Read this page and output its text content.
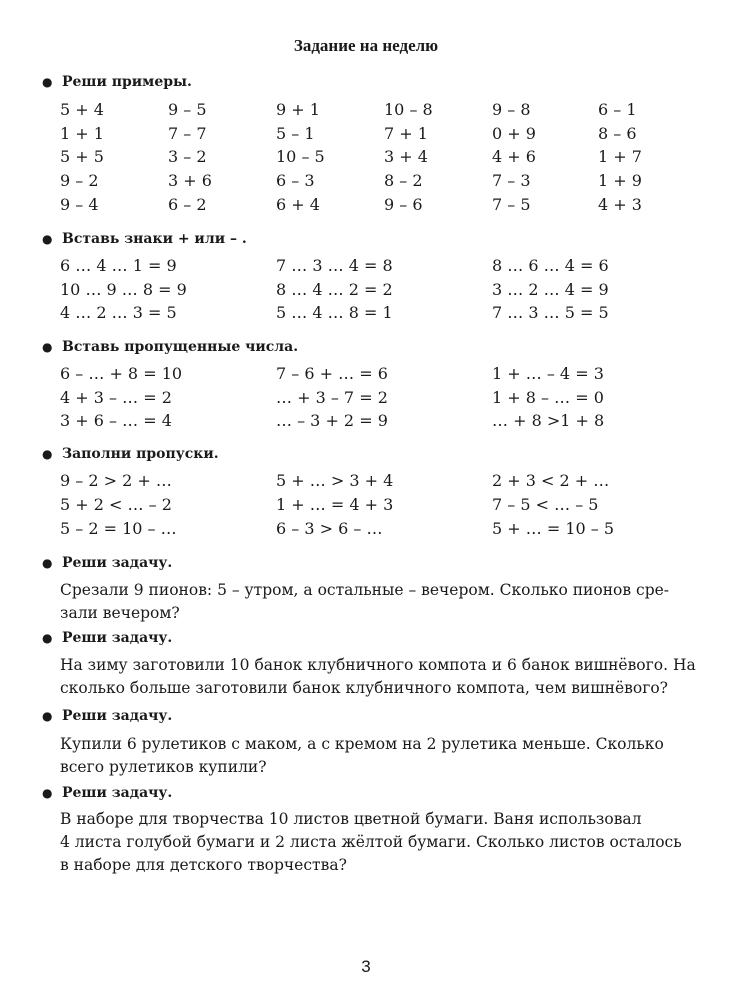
Задание на неделю
● Реши примеры.
5 + 4	9 – 5	9 + 1	10 – 8	9 – 8	6 – 1
1 + 1	7 – 7	5 – 1	7 + 1	0 + 9	8 – 6
5 + 5	3 – 2	10 – 5	3 + 4	4 + 6	1 + 7
9 – 2	3 + 6	6 – 3	8 – 2	7 – 3	1 + 9
9 – 4	6 – 2	6 + 4	9 – 6	7 – 5	4 + 3
● Вставь знаки + или – .
6 … 4 … 1 = 9	7 … 3 … 4 = 8	8 … 6 … 4 = 6
10 … 9 … 8 = 9	8 … 4 … 2 = 2	3 … 2 … 4 = 9
4 … 2 … 3 = 5	5 … 4 … 8 = 1	7 … 3 … 5 = 5
● Вставь пропущенные числа.
6 – … + 8 = 10	7 – 6 + … = 6	1 + … – 4 = 3
4 + 3 – … = 2	… + 3 – 7 = 2	1 + 8 – … = 0
3 + 6 – … = 4	… – 3 + 2 = 9	… + 8 >1 + 8
● Заполни пропуски.
9 – 2 > 2 + …	5 + … > 3 + 4	2 + 3 < 2 + …
5 + 2 < … – 2	1 + … = 4 + 3	7 – 5 < … – 5
5 – 2 = 10 – …	6 – 3 > 6 – …	5 + … = 10 – 5
● Реши задачу.
Срезали 9 пионов: 5 – утром, а остальные – вечером. Сколько пионов сре-
зали вечером?
● Реши задачу.
На зиму заготовили 10 банок клубничного компота и 6 банок вишнёвого. На
сколько больше заготовили банок клубничного компота, чем вишнёвого?
● Реши задачу.
Купили 6 рулетиков с маком, а с кремом на 2 рулетика меньше. Сколько
всего рулетиков купили?
● Реши задачу.
В наборе для творчества 10 листов цветной бумаги. Ваня использовал
4 листа голубой бумаги и 2 листа жёлтой бумаги. Сколько листов осталось
в наборе для детского творчества?
3
